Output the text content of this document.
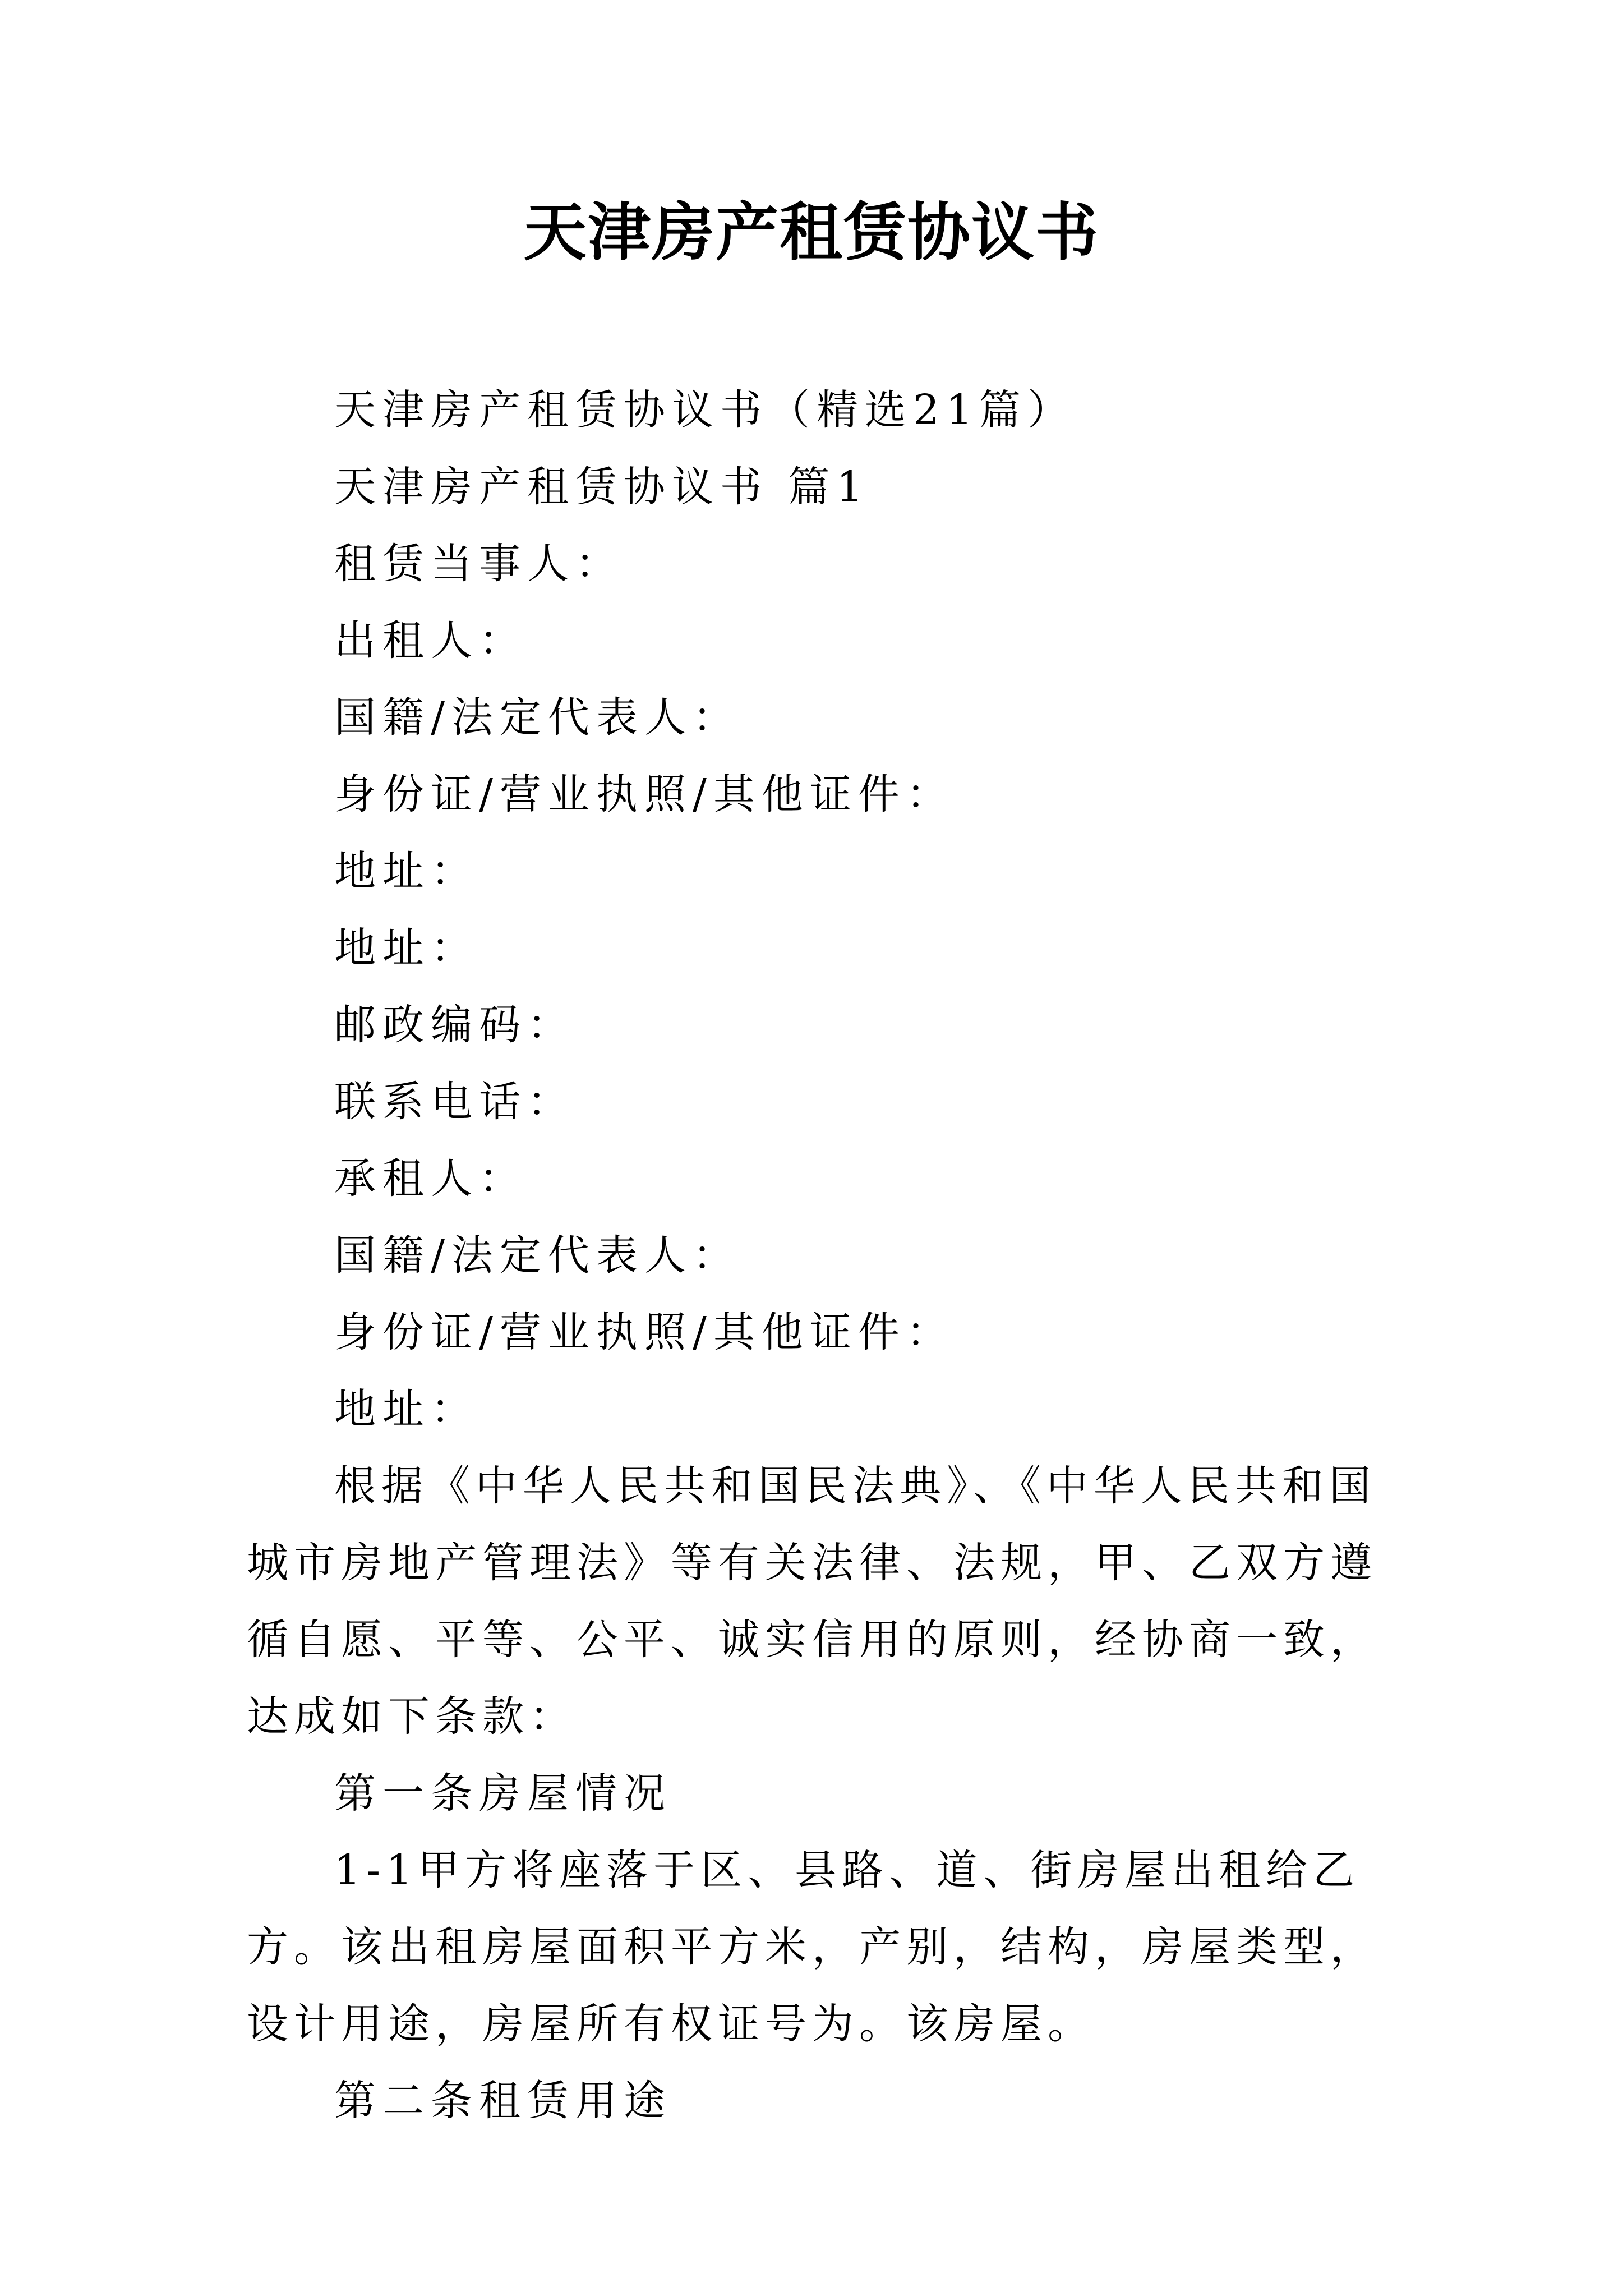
天津房产租赁协议书
天津房产租赁协议书（精选21篇）
天津房产租赁协议书 篇1
租赁当事人：
出租人：
国籍/法定代表人：
身份证/营业执照/其他证件：
地址：
地址：
邮政编码：
联系电话：
承租人：
国籍/法定代表人：
身份证/营业执照/其他证件：
地址：
根据《中华人民共和国民法典》、《中华人民共和国城市房地产管理法》等有关法律、法规，甲、乙双方遵循自愿、平等、公平、诚实信用的原则，经协商一致，达成如下条款：
第一条房屋情况
1-1甲方将座落于区、县路、道、街房屋出租给乙方。该出租房屋面积平方米，产别，结构，房屋类型，设计用途，房屋所有权证号为。该房屋。
第二条租赁用途
